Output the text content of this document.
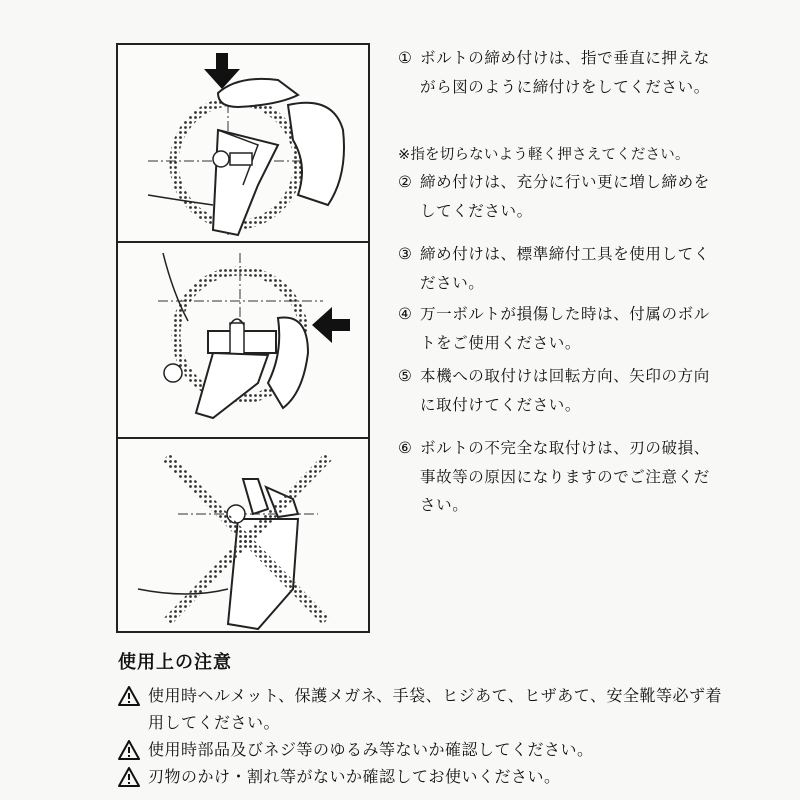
① ボルトの締め付けは、指で垂直に押えながら図のように締付けをしてください。
※指を切らないよう軽く押さえてください。
② 締め付けは、充分に行い更に増し締めをしてください。
③ 締め付けは、標準締付工具を使用してください。
④ 万一ボルトが損傷した時は、付属のボルトをご使用ください。
⑤ 本機への取付けは回転方向、矢印の方向に取付けてください。
⑥ ボルトの不完全な取付けは、刃の破損、事故等の原因になりますのでご注意ください。
使用上の注意
使用時ヘルメット、保護メガネ、手袋、ヒジあて、ヒザあて、安全靴等必ず着用してください。
使用時部品及びネジ等のゆるみ等ないか確認してください。
刃物のかけ・割れ等がないか確認してお使いください。
